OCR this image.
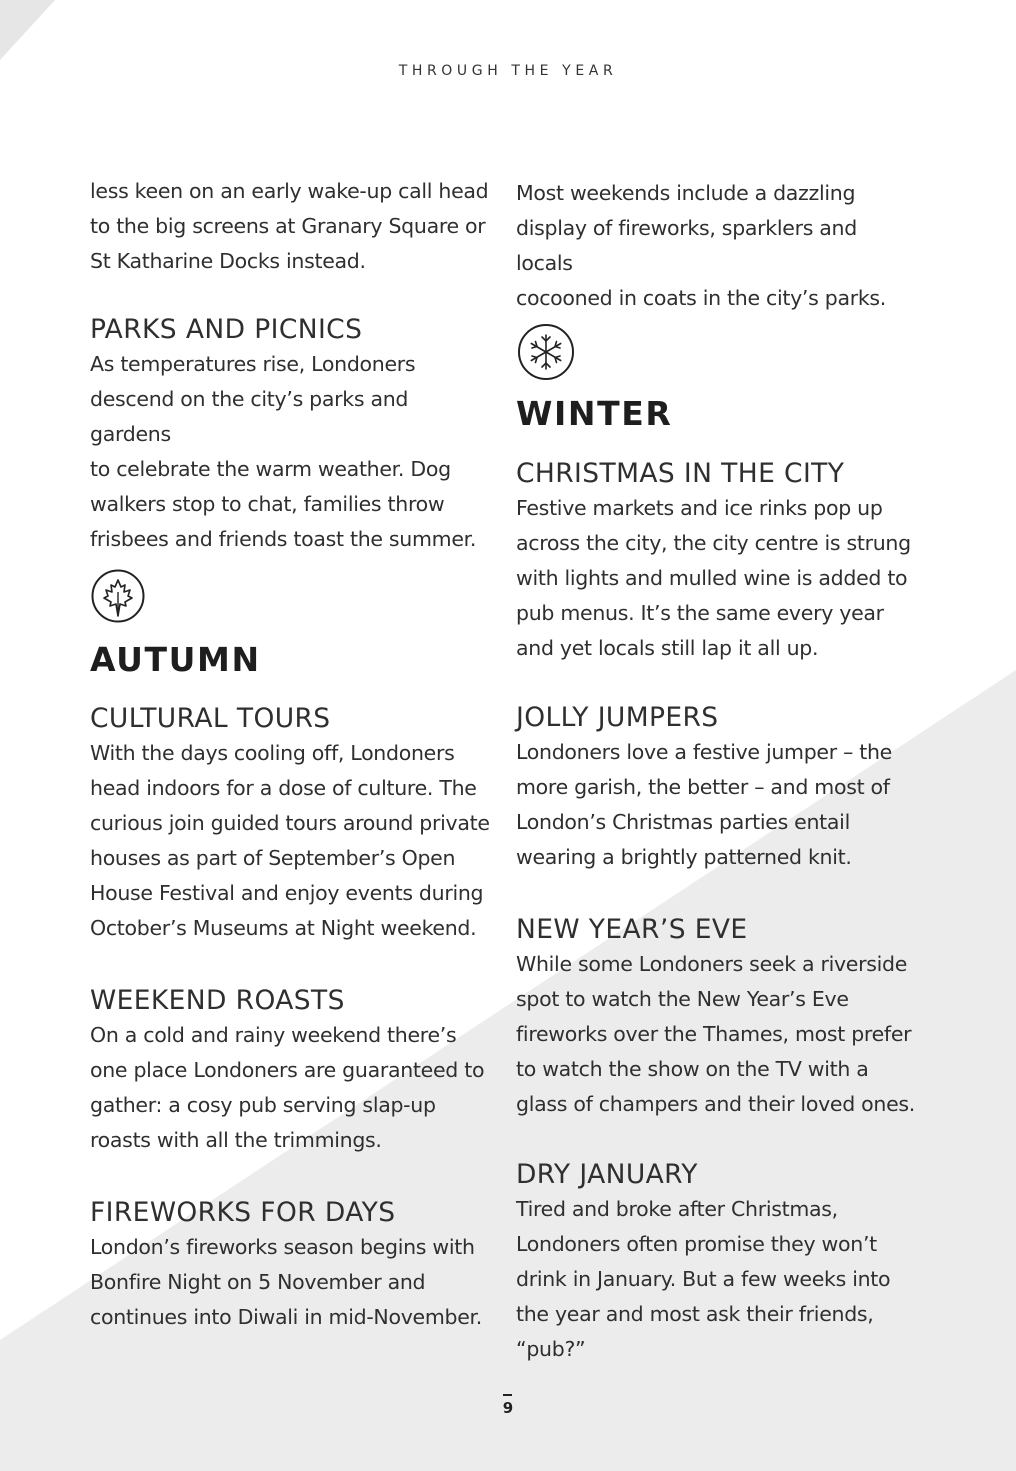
THROUGH THE YEAR

less keen on an early wake-up call head
to the big screens at Granary Square or
St Katharine Docks instead.

PARKS AND PICNICS

As temperatures rise, Londoners
descend on the city’s parks and gardens
to celebrate the warm weather. Dog
walkers stop to chat, families throw
frisbees and friends toast the summer.

AUTUMN
CULTURAL TOURS

With the days cooling off, Londoners
head indoors for a dose of culture. The
curious join guided tours around private
houses as part of September’s Open
House Festival and enjoy events during
October’s Museums at Night weekend.

WEEKEND ROASTS

On a cold and rainy weekend there’s
one place Londoners are guaranteed to
gather: a cosy pub serving slap-up
roasts with all the trimmings.

FIREWORKS FOR DAYS

London’s fireworks season begins with
Bonfire Night on 5 November and
continues into Diwali in mid-November.

Most weekends include a dazzling
display of fireworks, sparklers and locals
cocooned in coats in the city’s parks.

WINTER
CHRISTMAS IN THE CITY

Festive markets and ice rinks pop up
across the city, the city centre is strung
with lights and mulled wine is added to
pub menus. It’s the same every year
and yet locals still lap it all up.

JOLLY JUMPERS

Londoners love a festive jumper – the
more garish, the better – and most of
London’s Christmas parties entail
wearing a brightly patterned knit.

NEW YEAR’S EVE

While some Londoners seek a riverside
spot to watch the New Year’s Eve
fireworks over the Thames, most prefer
to watch the show on the TV with a
glass of champers and their loved ones.

DRY JANUARY

Tired and broke after Christmas,
Londoners often promise they won’t
drink in January. But a few weeks into
the year and most ask their friends, “pub?”

9
